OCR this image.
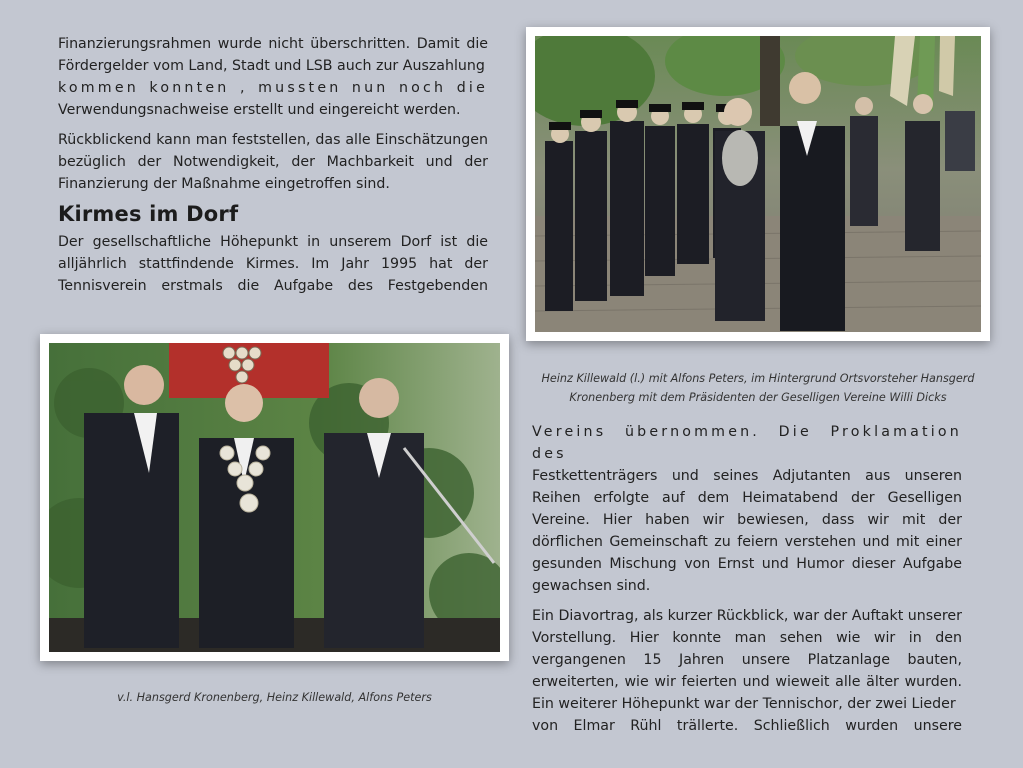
Finanzierungsrahmen wurde nicht überschritten. Damit die Fördergelder vom Land, Stadt und LSB auch zur Auszahlung
kommen konnten , mussten nun noch die
Verwendungsnachweise erstellt und eingereicht werden.

Rückblickend kann man feststellen, das alle Einschätzungen bezüglich der Notwendigkeit, der Machbarkeit und der Finanzierung der Maßnahme eingetroffen sind.

Kirmes im Dorf

Der gesellschaftliche Höhepunkt in unserem Dorf ist die alljährlich stattfindende Kirmes. Im Jahr 1995 hat der Tennisverein erstmals die Aufgabe des Festgebenden

Heinz Killewald (l.) mit Alfons Peters, im Hintergrund Ortsvorsteher Hansgerd
Kronenberg mit dem Präsidenten der Geselligen Vereine Willi Dicks
v.l. Hansgerd Kronenberg, Heinz Killewald, Alfons Peters

Vereins übernommen. Die Proklamation des
Festkettenträgers und seines Adjutanten aus unseren Reihen erfolgte auf dem Heimatabend der Geselligen Vereine. Hier haben wir bewiesen, dass wir mit der dörflichen Gemeinschaft zu feiern verstehen und mit einer gesunden Mischung von Ernst und Humor dieser Aufgabe gewachsen sind.

Ein Diavortrag, als kurzer Rückblick, war der Auftakt unserer Vorstellung. Hier konnte man sehen wie wir in den vergangenen 15 Jahren unsere Platzanlage bauten, erweiterten, wie wir feierten und wieweit alle älter wurden. Ein weiterer Höhepunkt war der Tennischor, der zwei Lieder
von Elmar Rühl trällerte. Schließlich wurden unsere
